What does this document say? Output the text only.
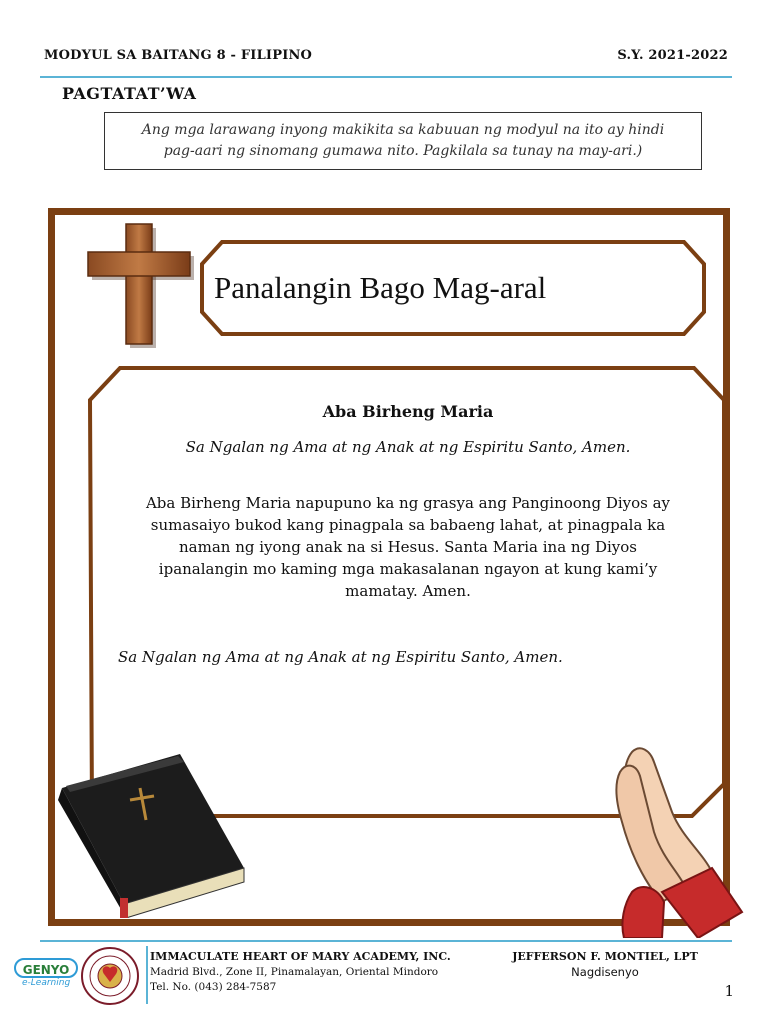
MODYUL SA BAITANG 8 - FILIPINO	S.Y. 2021-2022
PAGTATAT’WA
Ang mga larawang inyong makikita sa kabuuan ng modyul na ito ay hindi
pag-aari ng sinomang gumawa nito. Pagkilala sa tunay na may-ari.)
Panalangin Bago Mag-aral
Aba Birheng Maria
Sa Ngalan ng Ama at ng Anak at ng Espiritu Santo, Amen.
Aba Birheng Maria napupuno ka ng grasya ang Panginoong Diyos ay
sumasaiyo bukod kang pinagpala sa babaeng lahat, at pinagpala ka
naman ng iyong anak na si Hesus. Santa Maria ina ng Diyos
ipanalangin mo kaming mga makasalanan ngayon at kung kami’y
mamatay. Amen.
Sa Ngalan ng Ama at ng Anak at ng Espiritu Santo, Amen.
GENYO
e-Learning
IMMACULATE HEART OF MARY ACADEMY, INC.
Madrid Blvd., Zone II, Pinamalayan, Oriental Mindoro
Tel. No. (043) 284-7587
JEFFERSON F. MONTIEL, LPT
Nagdisenyo
1
